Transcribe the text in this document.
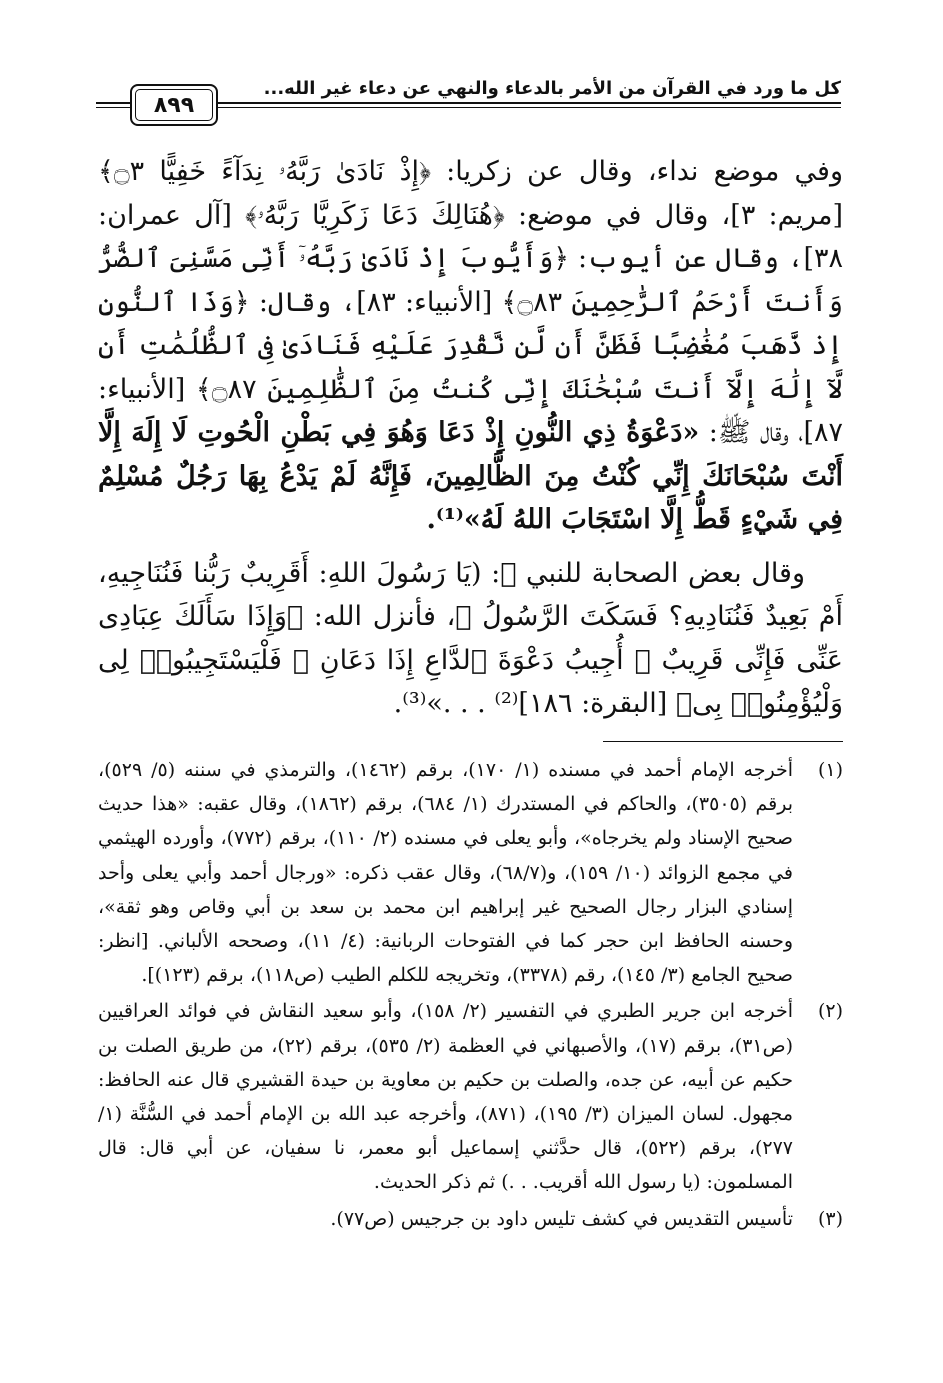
كل ما ورد في القرآن من الأمر بالدعاء والنهي عن دعاء غير الله...
٨٩٩

وفي موضع نداء، وقال عن زكريا: ﴿إِذْ نَادَىٰ رَبَّهُۥ نِدَآءً خَفِيًّا ۝٣﴾ [مريم: ٣]، وقال في موضع: ﴿هُنَالِكَ دَعَا زَكَرِيَّا رَبَّهُۥ﴾ [آل عمران: ٣٨]، وقال عن أيوب: ﴿وَأَيُّوبَ إِذْ نَادَىٰ رَبَّهُۥٓ أَنِّى مَسَّنِىَ ٱلضُّرُّ وَأَنتَ أَرْحَمُ ٱلرَّٰحِمِينَ ۝٨٣﴾ [الأنبياء: ٨٣]، وقال: ﴿وَذَا ٱلنُّونِ إِذ ذَّهَبَ مُغَٰضِبًا فَظَنَّ أَن لَّن نَّقْدِرَ عَلَيْهِ فَنَادَىٰ فِى ٱلظُّلُمَٰتِ أَن لَّآ إِلَٰهَ إِلَّآ أَنتَ سُبْحَٰنَكَ إِنِّى كُنتُ مِنَ ٱلظَّٰلِمِينَ ۝٨٧﴾ [الأنبياء: ٨٧]، وقال ﷺ: «دَعْوَةُ ذِي النُّونِ إِذْ دَعَا وَهُوَ فِي بَطْنِ الْحُوتِ لَا إِلَهَ إِلَّا أَنْتَ سُبْحَانَكَ إِنِّي كُنْتُ مِنَ الظَّالِمِينَ، فَإِنَّهُ لَمْ يَدْعُ بِهَا رَجُلٌ مُسْلِمٌ فِي شَيْءٍ قَطُّ إِلَّا اسْتَجَابَ اللهُ لَهُ»⁽¹⁾.

وقال بعض الصحابة للنبي ﷺ: (يَا رَسُولَ اللهِ: أَقَرِيبٌ رَبُّنا فَنُنَاجِيهِ، أَمْ بَعِيدٌ فَنُنَادِيهِ؟ فَسَكَتَ الرَّسُولُ ﷺ، فأنزل الله: ﴿وَإِذَا سَأَلَكَ عِبَادِى عَنِّى فَإِنِّى قَرِيبٌ ۖ أُجِيبُ دَعْوَةَ ٱلدَّاعِ إِذَا دَعَانِ ۖ فَلْيَسْتَجِيبُوا۟ لِى وَلْيُؤْمِنُوا۟ بِى﴾ [البقرة: ١٨٦]⁽²⁾ . . .»⁽³⁾.

(١)
أخرجه الإمام أحمد في مسنده (١/ ١٧٠)، برقم (١٤٦٢)، والترمذي في سننه (٥/ ٥٢٩)، برقم (٣٥٠٥)، والحاكم في المستدرك (١/ ٦٨٤)، برقم (١٨٦٢)، وقال عقبه: «هذا حديث صحيح الإسناد ولم يخرجاه»، وأبو يعلى في مسنده (٢/ ١١٠)، برقم (٧٧٢)، وأورده الهيثمي في مجمع الزوائد (١٠/ ١٥٩)، و(٦٨/٧)، وقال عقب ذكره: «ورجال أحمد وأبي يعلى وأحد إسنادي البزار رجال الصحيح غير إبراهيم ابن محمد بن سعد بن أبي وقاص وهو ثقة»، وحسنه الحافظ ابن حجر كما في الفتوحات الربانية: (٤/ ١١)، وصححه الألباني. [انظر: صحيح الجامع (٣/ ١٤٥)، رقم (٣٣٧٨)، وتخريجه للكلم الطيب (ص١١٨)، برقم (١٢٣)].
(٢)
أخرجه ابن جرير الطبري في التفسير (٢/ ١٥٨)، وأبو سعيد النقاش في فوائد العراقيين (ص٣١)، برقم (١٧)، والأصبهاني في العظمة (٢/ ٥٣٥)، برقم (٢٢)، من طريق الصلت بن حكيم عن أبيه، عن جده، والصلت بن حكيم بن معاوية بن حيدة القشيري قال عنه الحافظ: مجهول. لسان الميزان (٣/ ١٩٥)، (٨٧١)، وأخرجه عبد الله بن الإمام أحمد في السُّنَّة (١/ ٢٧٧)، برقم (٥٢٢)، قال حدَّثني إسماعيل أبو معمر، نا سفيان، عن أبي قال: قال المسلمون: (يا رسول الله أقريب. . .) ثم ذكر الحديث.
(٣)
تأسيس التقديس في كشف تليس داود بن جرجيس (ص٧٧).
